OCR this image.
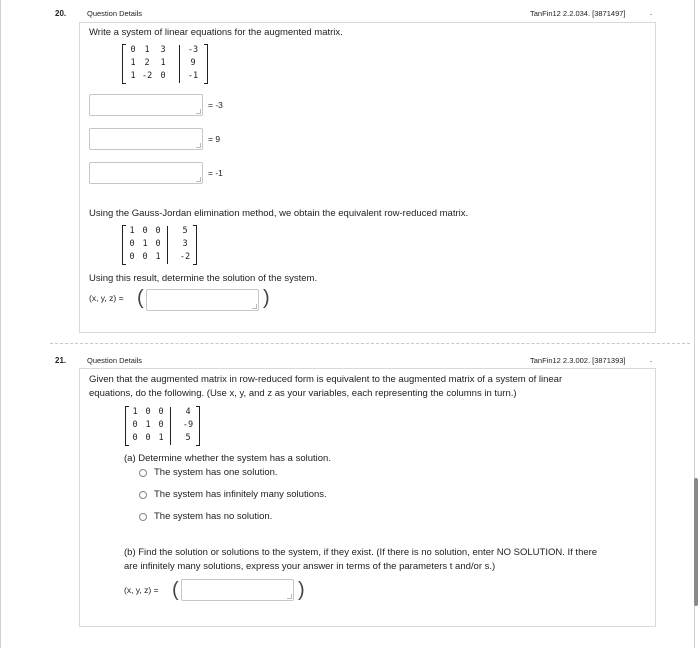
20.	Question Details	TanFin12 2.2.034. [3871497]	.
Write a system of linear equations for the augmented matrix.
0 1 3	-3
1 2 1	9
1 -2 0	-1
= -3
= 9
= -1
Using the Gauss-Jordan elimination method, we obtain the equivalent row-reduced matrix.
1 0 0	5
0 1 0	3
0 0 1	-2
Using this result, determine the solution of the system.
(x, y, z) = (	)
21.	Question Details	TanFin12 2.3.002. [3871393]	.
Given that the augmented matrix in row-reduced form is equivalent to the augmented matrix of a system of linear
equations, do the following. (Use x, y, and z as your variables, each representing the columns in turn.)
1 0 0	4
0 1 0	-9
0 0 1	5
(a) Determine whether the system has a solution.
The system has one solution.
The system has infinitely many solutions.
The system has no solution.
(b) Find the solution or solutions to the system, if they exist. (If there is no solution, enter NO SOLUTION. If there
are infinitely many solutions, express your answer in terms of the parameters t and/or s.)
(x, y, z) = (	)
